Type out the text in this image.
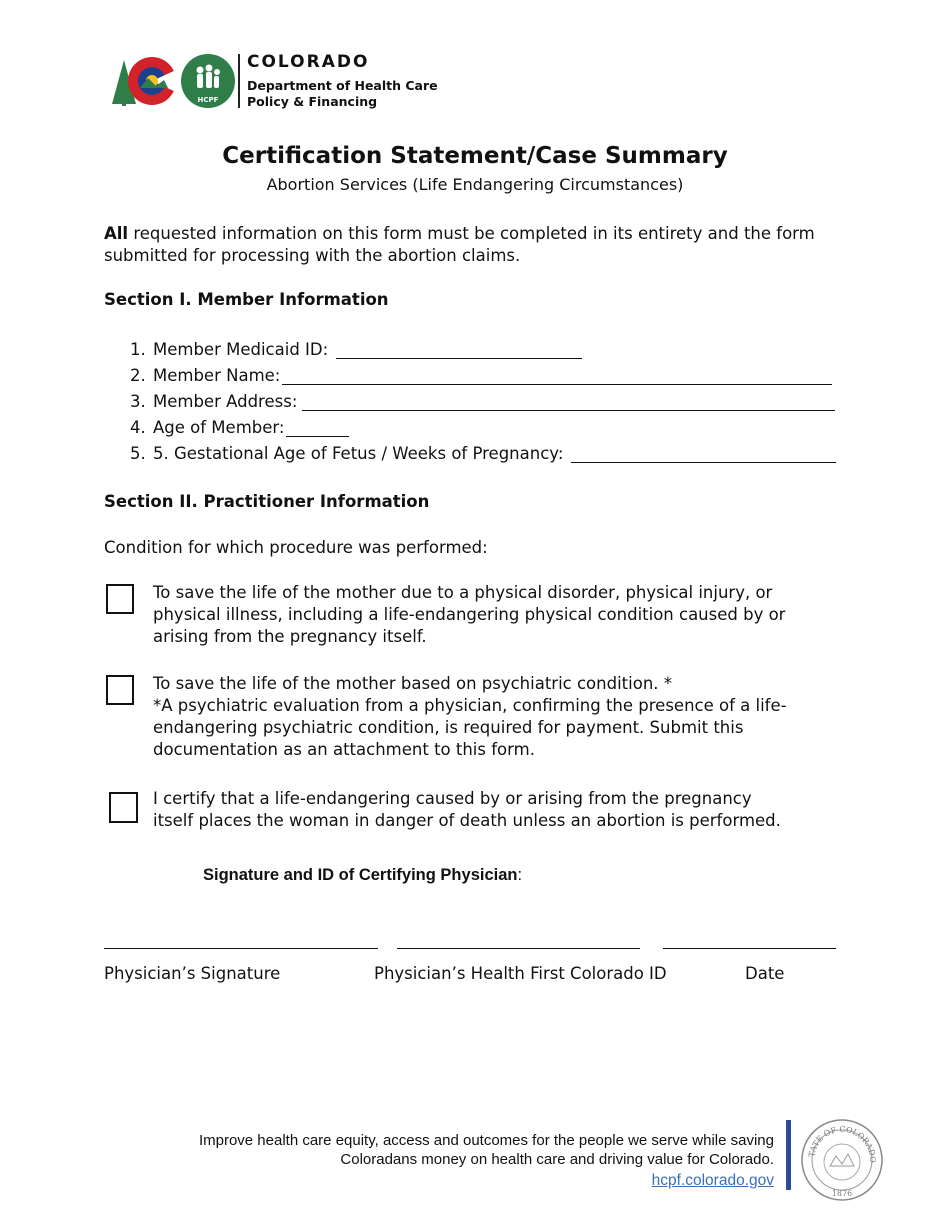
HCPF
COLORADO
Department of Health Care
Policy & Financing
Certification Statement/Case Summary
Abortion Services (Life Endangering Circumstances)
All requested information on this form must be completed in its entirety and the form submitted for processing with the abortion claims.
Section I. Member Information
1. Member Medicaid ID:
2. Member Name:
3. Member Address:
4. Age of Member:
5. 5. Gestational Age of Fetus / Weeks of Pregnancy:
Section II. Practitioner Information
Condition for which procedure was performed:
To save the life of the mother due to a physical disorder, physical injury, or
physical illness, including a life-endangering physical condition caused by or
arising from the pregnancy itself.
To save the life of the mother based on psychiatric condition. *
*A psychiatric evaluation from a physician, confirming the presence of a life-
endangering psychiatric condition, is required for payment. Submit this
documentation as an attachment to this form.
I certify that a life-endangering caused by or arising from the pregnancy
itself places the woman in danger of death unless an abortion is performed.
Signature and ID of Certifying Physician:
Physician’s Signature	Physician’s Health First Colorado ID	Date
Improve health care equity, access and outcomes for the people we serve while saving
Coloradans money on health care and driving value for Colorado.
hcpf.colorado.gov
TATE OF COLORADO
1876
